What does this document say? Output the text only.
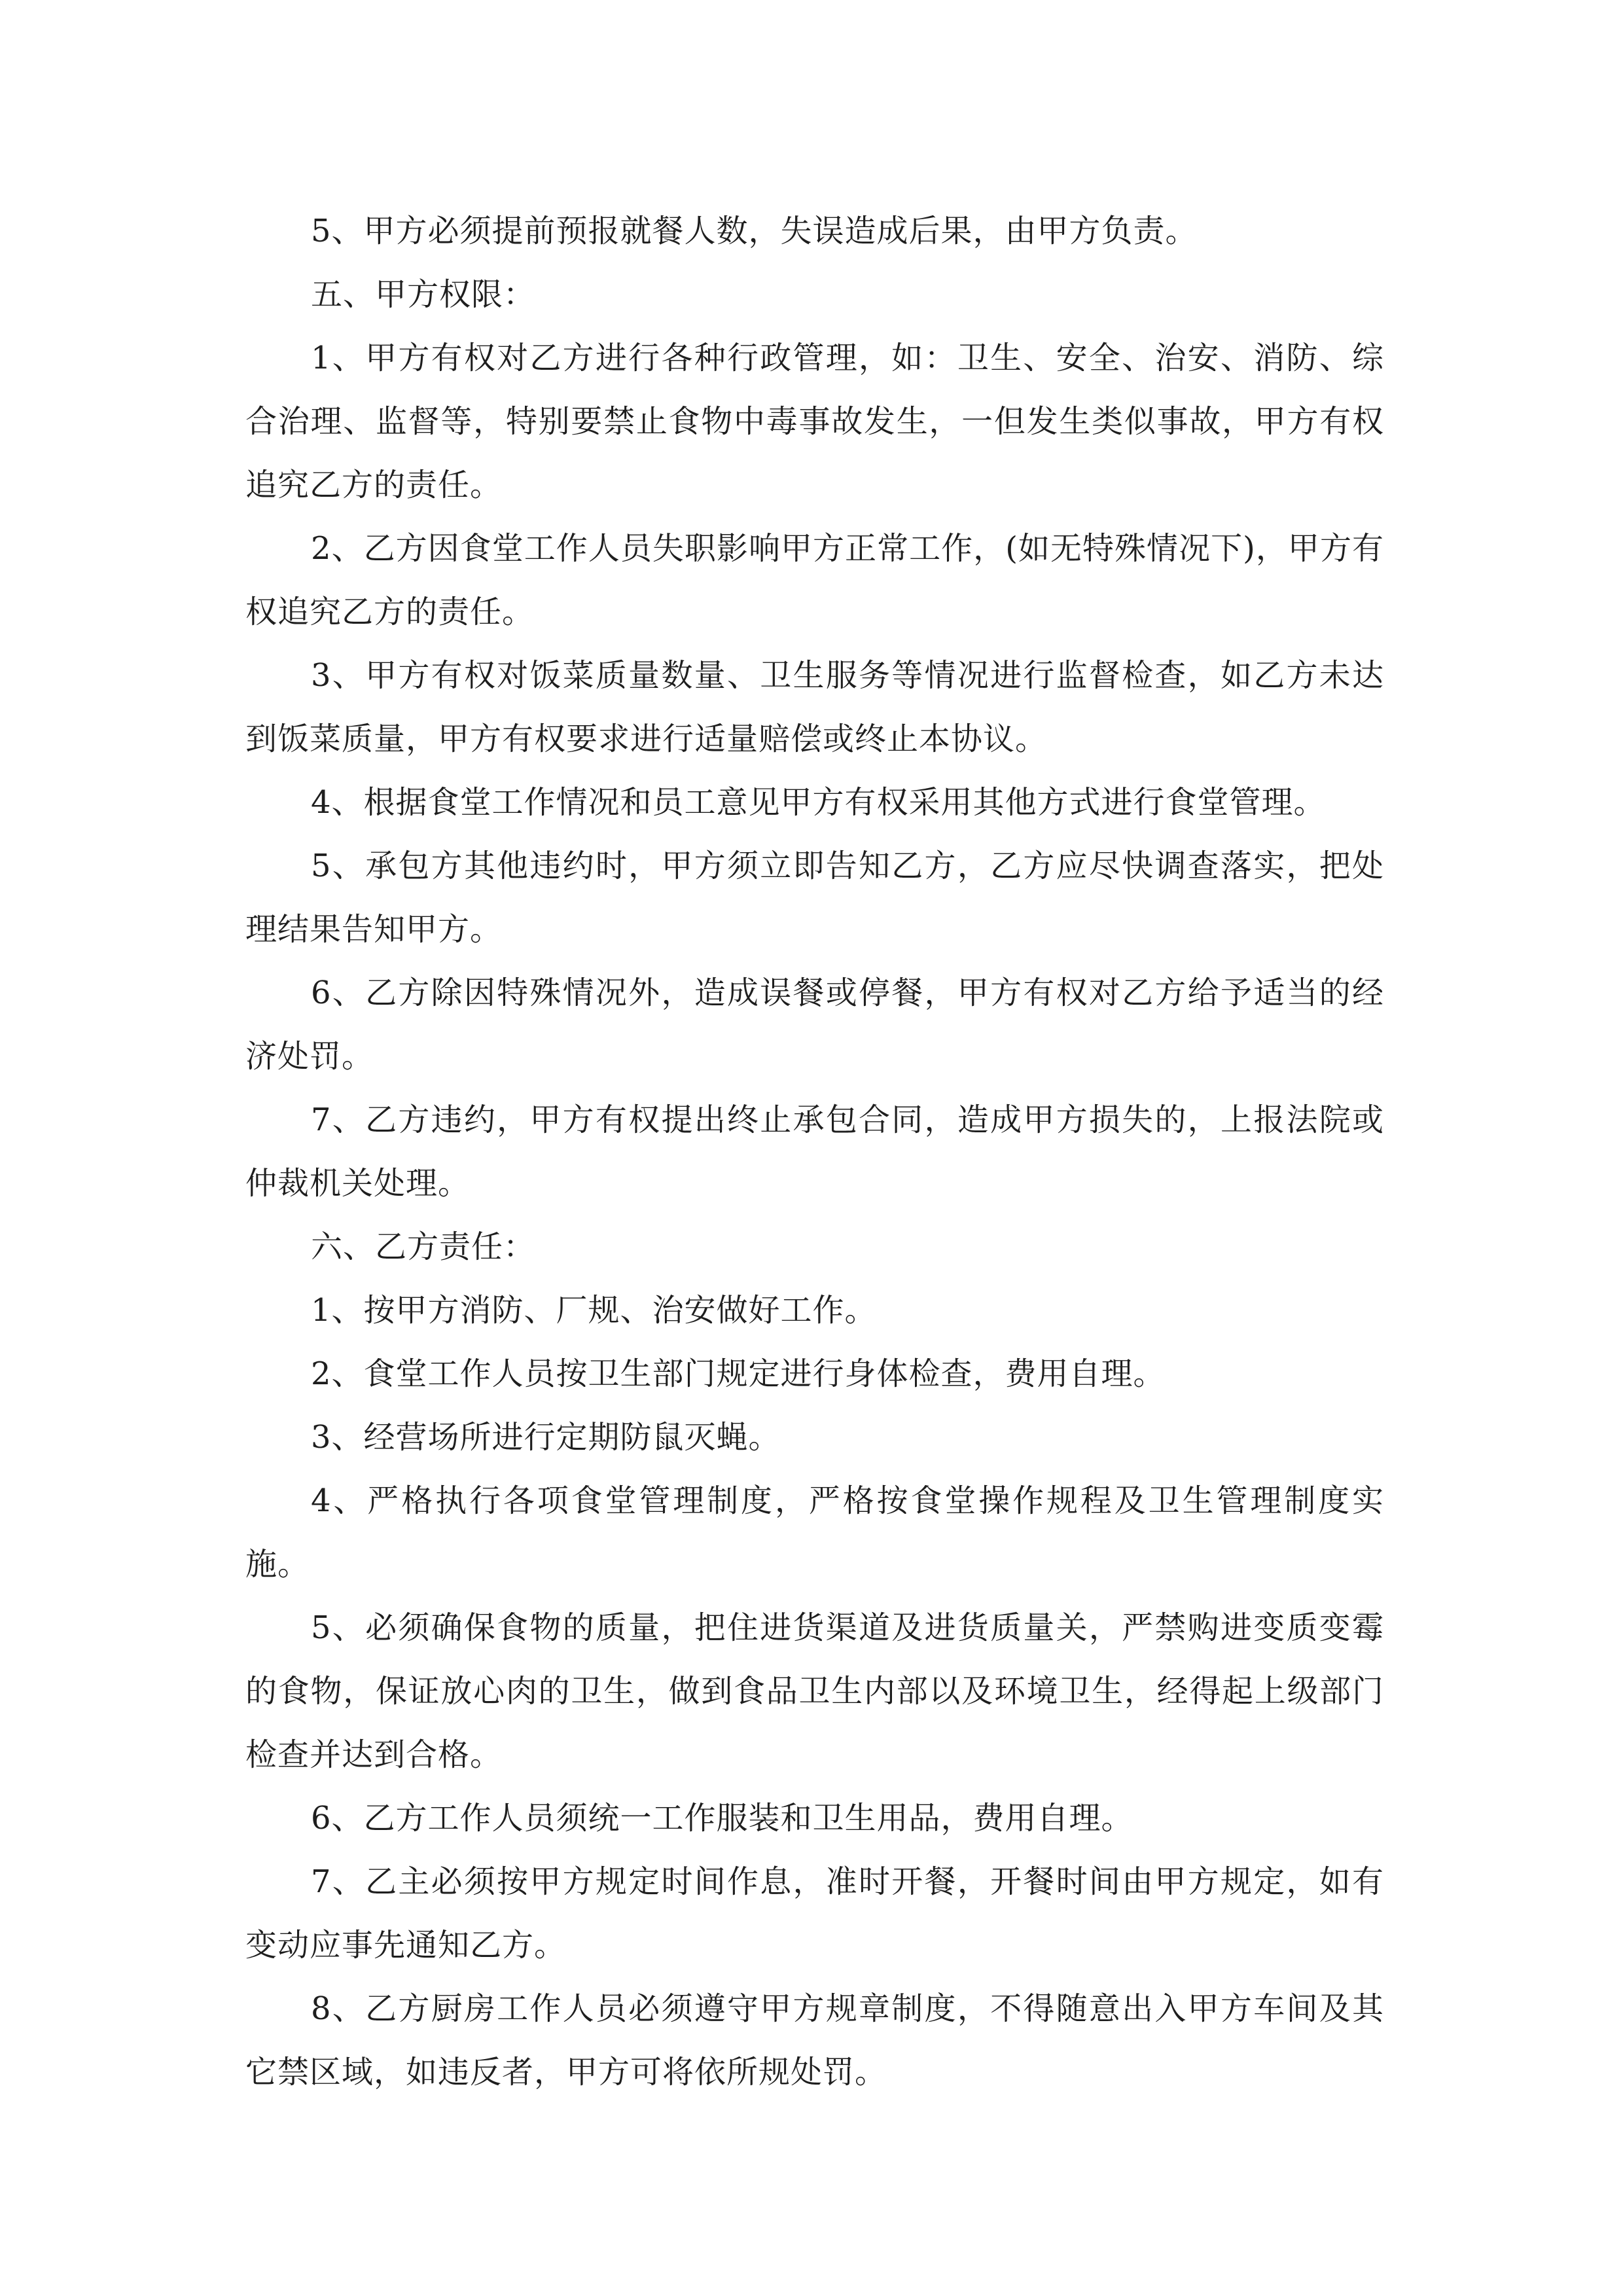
5、甲方必须提前预报就餐人数，失误造成后果，由甲方负责。

五、甲方权限：

1、甲方有权对乙方进行各种行政管理，如：卫生、安全、治安、消防、综合治理、监督等，特别要禁止食物中毒事故发生，一但发生类似事故，甲方有权追究乙方的责任。

2、乙方因食堂工作人员失职影响甲方正常工作，(如无特殊情况下)，甲方有权追究乙方的责任。

3、甲方有权对饭菜质量数量、卫生服务等情况进行监督检查，如乙方未达到饭菜质量，甲方有权要求进行适量赔偿或终止本协议。

4、根据食堂工作情况和员工意见甲方有权采用其他方式进行食堂管理。

5、承包方其他违约时，甲方须立即告知乙方，乙方应尽快调查落实，把处理结果告知甲方。

6、乙方除因特殊情况外，造成误餐或停餐，甲方有权对乙方给予适当的经济处罚。

7、乙方违约，甲方有权提出终止承包合同，造成甲方损失的，上报法院或仲裁机关处理。

六、乙方责任：

1、按甲方消防、厂规、治安做好工作。

2、食堂工作人员按卫生部门规定进行身体检查，费用自理。

3、经营场所进行定期防鼠灭蝇。

4、严格执行各项食堂管理制度，严格按食堂操作规程及卫生管理制度实施。

5、必须确保食物的质量，把住进货渠道及进货质量关，严禁购进变质变霉的食物，保证放心肉的卫生，做到食品卫生内部以及环境卫生，经得起上级部门检查并达到合格。

6、乙方工作人员须统一工作服装和卫生用品，费用自理。

7、乙主必须按甲方规定时间作息，准时开餐，开餐时间由甲方规定，如有变动应事先通知乙方。

8、乙方厨房工作人员必须遵守甲方规章制度，不得随意出入甲方车间及其它禁区域，如违反者，甲方可将依所规处罚。
